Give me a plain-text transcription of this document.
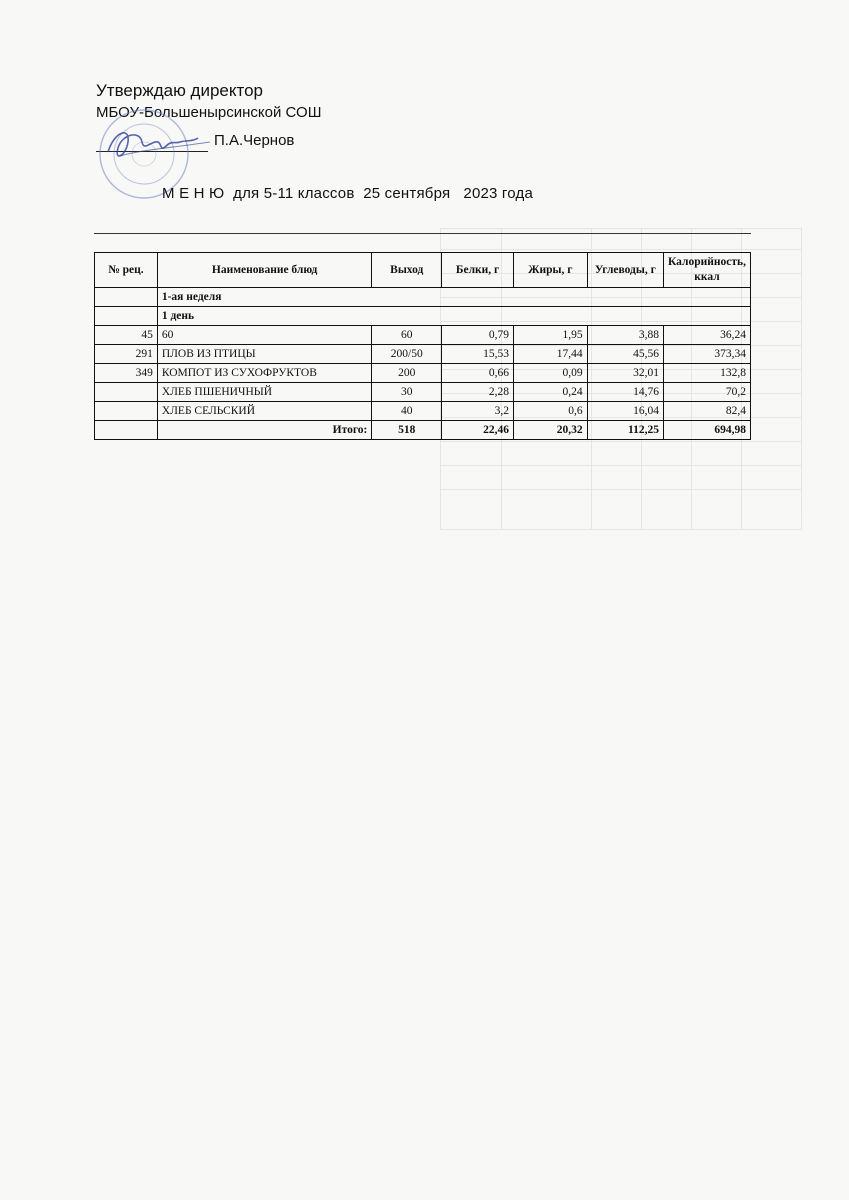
Утверждаю директор
МБОУ-Большенырсинской СОШ
П.А.Чернов
М Е Н Ю  для 5-11 классов  25 сентября   2023 года
№ рец.	Наименование блюд	Выход	Белки, г	Жиры, г	Углеводы, г	Калорийность, ккал
	1-ая неделя					
	1 день					
45	60	60	0,79	1,95	3,88	36,24
291	ПЛОВ ИЗ ПТИЦЫ	200/50	15,53	17,44	45,56	373,34
349	КОМПОТ ИЗ СУХОФРУКТОВ	200	0,66	0,09	32,01	132,8
	ХЛЕБ ПШЕНИЧНЫЙ	30	2,28	0,24	14,76	70,2
	ХЛЕБ СЕЛЬСКИЙ	40	3,2	0,6	16,04	82,4
	Итого:	518	22,46	20,32	112,25	694,98
